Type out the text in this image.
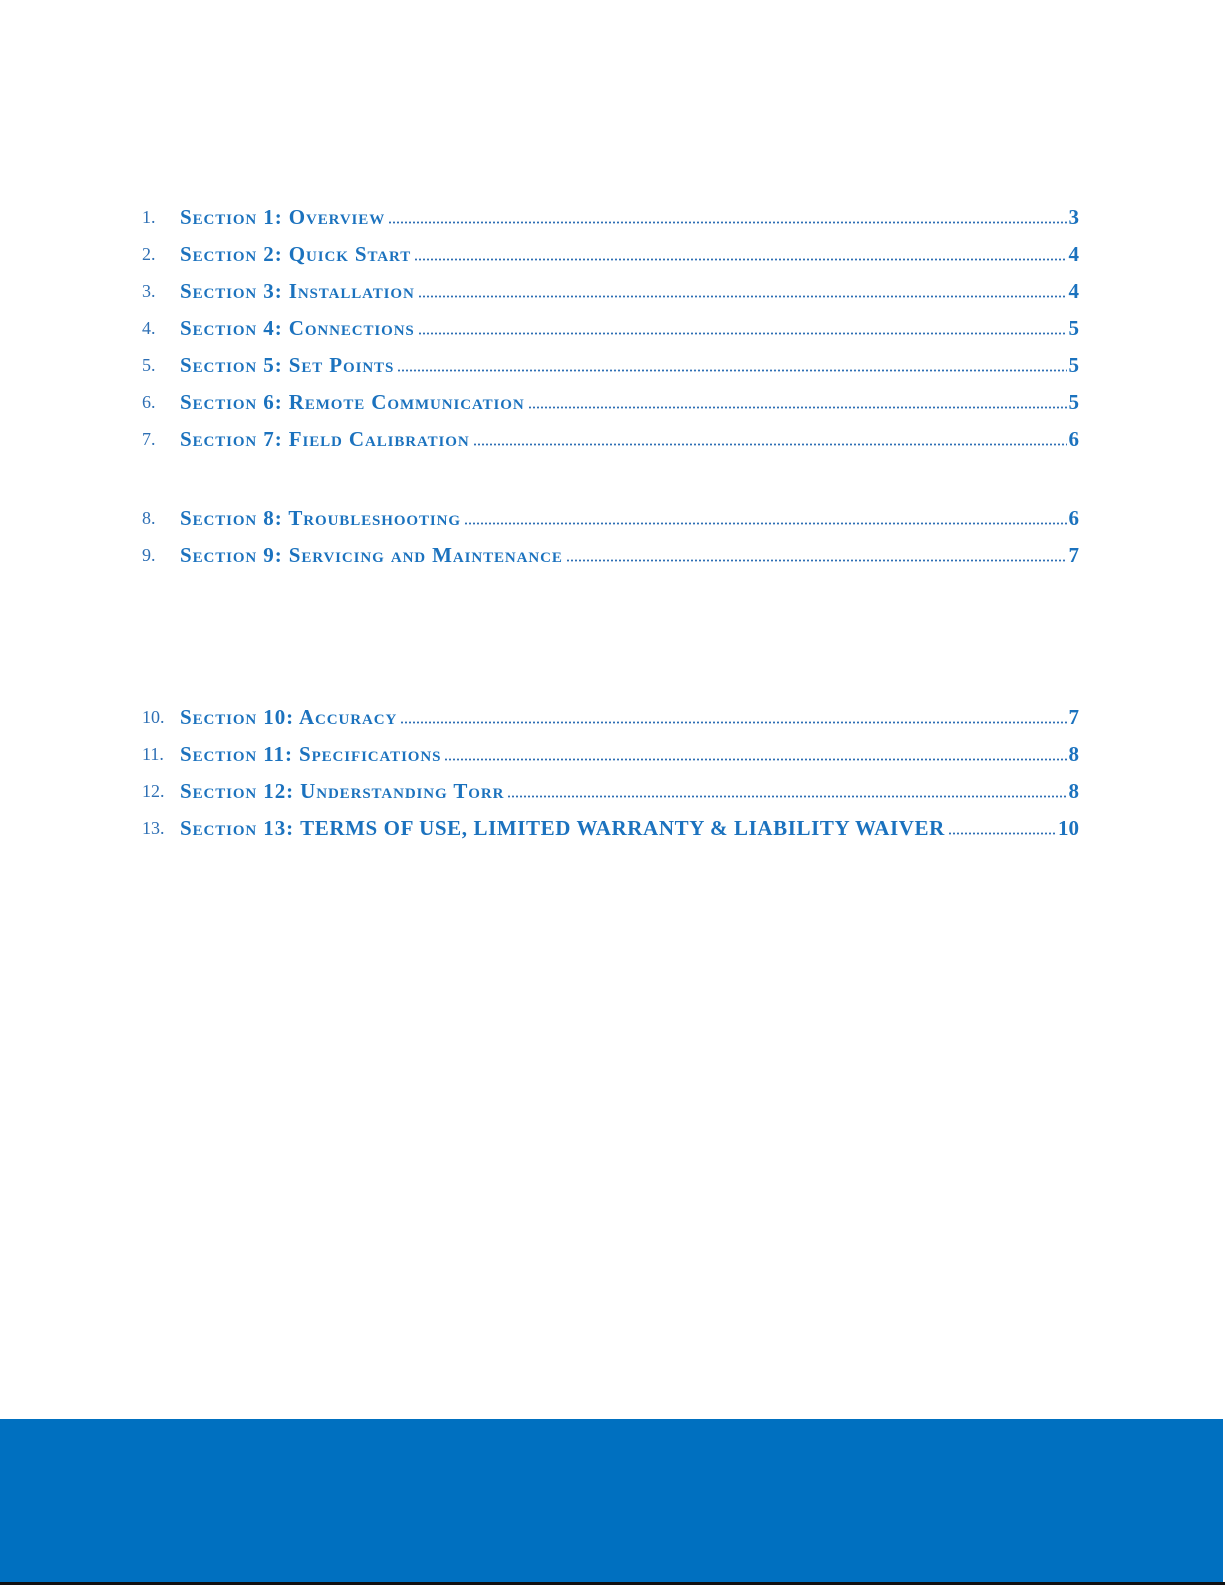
1.	Section 1: Overview	3
2.	Section 2: Quick Start	4
3.	Section 3: Installation	4
4.	Section 4: Connections	5
5.	Section 5: Set Points	5
6.	Section 6: Remote Communication	5
7.	Section 7: Field Calibration	6
8.	Section 8: Troubleshooting	6
9.	Section 9: Servicing and Maintenance	7
10. Section 10: Accuracy	7
11. Section 11: Specifications	8
12. Section 12: Understanding Torr	8
13. Section 13: TERMS OF USE, LIMITED WARRANTY & LIABILITY WAIVER	10
